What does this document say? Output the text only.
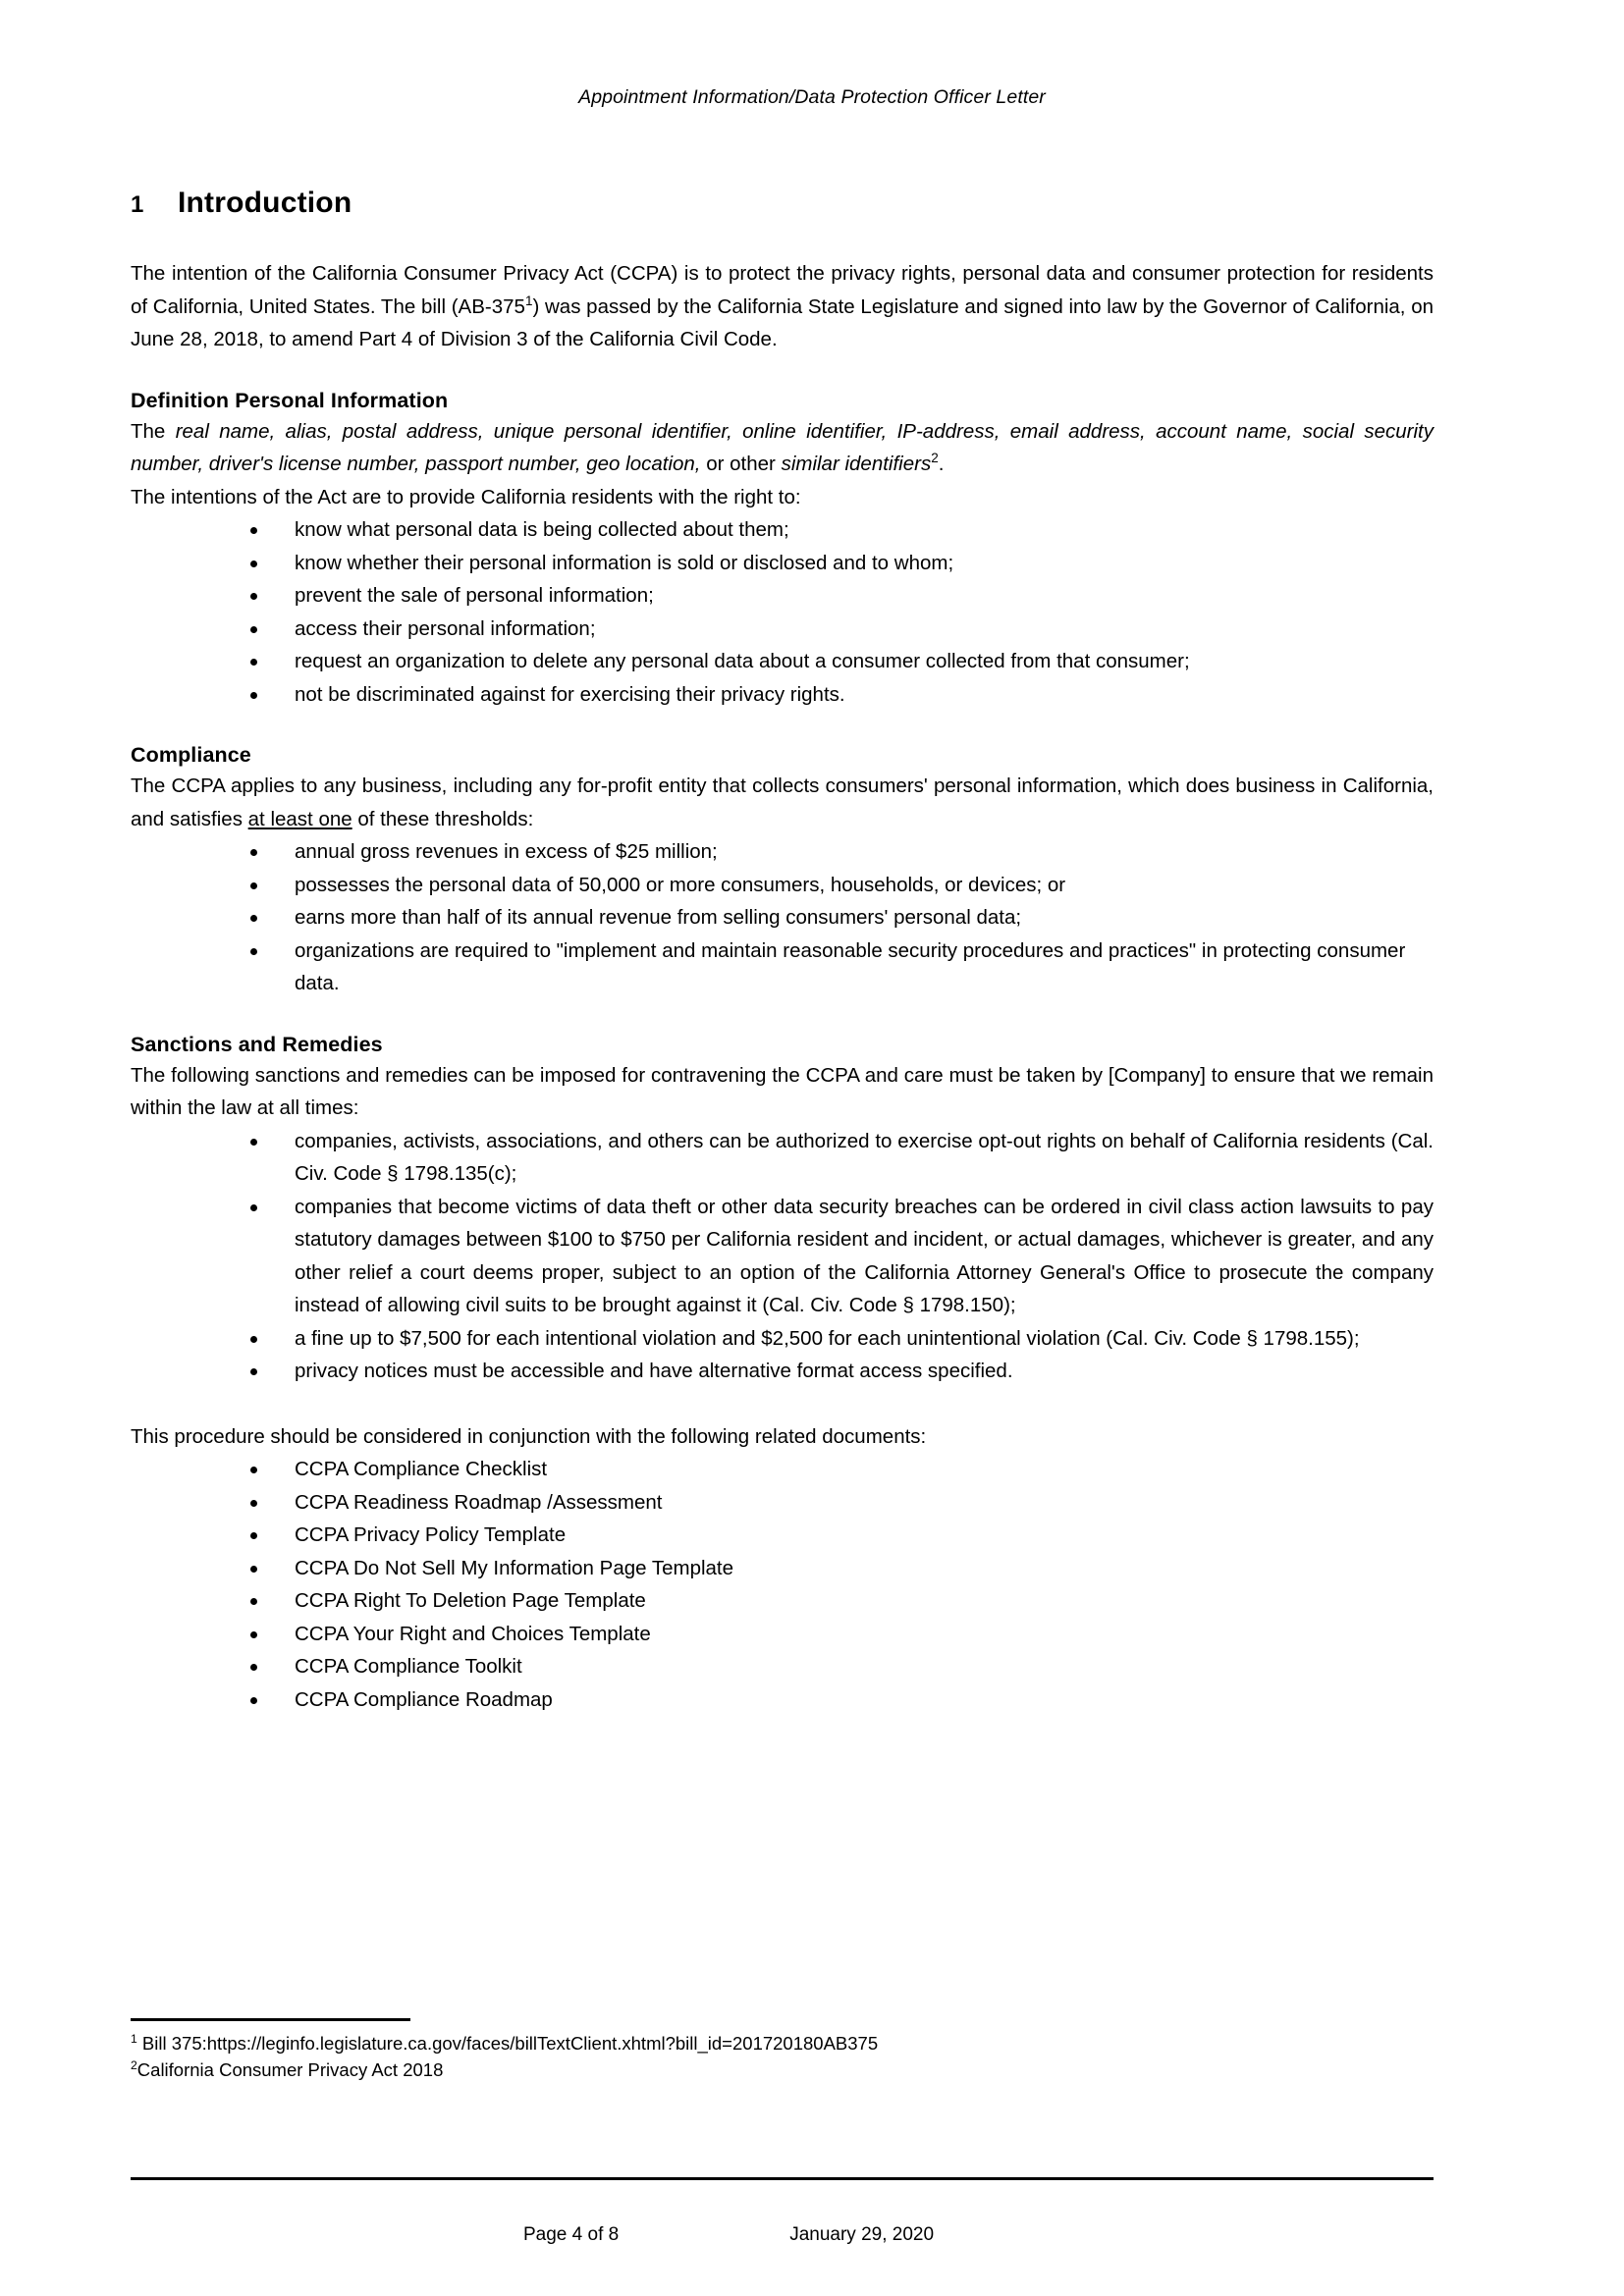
Appointment Information/Data Protection Officer Letter
1	Introduction

The intention of the California Consumer Privacy Act (CCPA) is to protect the privacy rights, personal data and consumer protection for residents of California, United States. The bill $(AB-375^1)$ was passed by the California State Legislature and signed into law by the Governor of California, on June 28, 2018, to amend Part 4 of Division 3 of the California Civil Code.

Definition Personal Information

The real name, alias, postal address, unique personal identifier, online identifier, IP-address, email address, account name, social security number, driver's license number, passport number, geo location, or other similar identifiers$^2$.

The intentions of the Act are to provide California residents with the right to:

know what personal data is being collected about them;
know whether their personal information is sold or disclosed and to whom;
prevent the sale of personal information;
access their personal information;
request an organization to delete any personal data about a consumer collected from that consumer;
not be discriminated against for exercising their privacy rights.
Compliance

The CCPA applies to any business, including any for-profit entity that collects consumers' personal information, which does business in California, and satisfies at least one of these thresholds:

annual gross revenues in excess of $25 million;
possesses the personal data of 50,000 or more consumers, households, or devices; or
earns more than half of its annual revenue from selling consumers' personal data;
organizations are required to "implement and maintain reasonable security procedures and practices" in protecting consumer data.
Sanctions and Remedies

The following sanctions and remedies can be imposed for contravening the CCPA and care must be taken by [Company] to ensure that we remain within the law at all times:

companies, activists, associations, and others can be authorized to exercise opt-out rights on behalf of California residents (Cal. Civ. Code § 1798.135(c);
companies that become victims of data theft or other data security breaches can be ordered in civil class action lawsuits to pay statutory damages between $100 to $750 per California resident and incident, or actual damages, whichever is greater, and any other relief a court deems proper, subject to an option of the California Attorney General's Office to prosecute the company instead of allowing civil suits to be brought against it (Cal. Civ. Code § 1798.150);
a fine up to $7,500 for each intentional violation and $2,500 for each unintentional violation (Cal. Civ. Code § 1798.155);
privacy notices must be accessible and have alternative format access specified.

This procedure should be considered in conjunction with the following related documents:

CCPA Compliance Checklist
CCPA Readiness Roadmap /Assessment
CCPA Privacy Policy Template
CCPA Do Not Sell My Information Page Template
CCPA Right To Deletion Page Template
CCPA Your Right and Choices Template
CCPA Compliance Toolkit
CCPA Compliance Roadmap

$^1$ Bill 375:https://leginfo.legislature.ca.gov/faces/billTextClient.xhtml?bill_id=201720180AB375

$^2$California Consumer Privacy Act 2018

Page 4 of 8	January 29, 2020
